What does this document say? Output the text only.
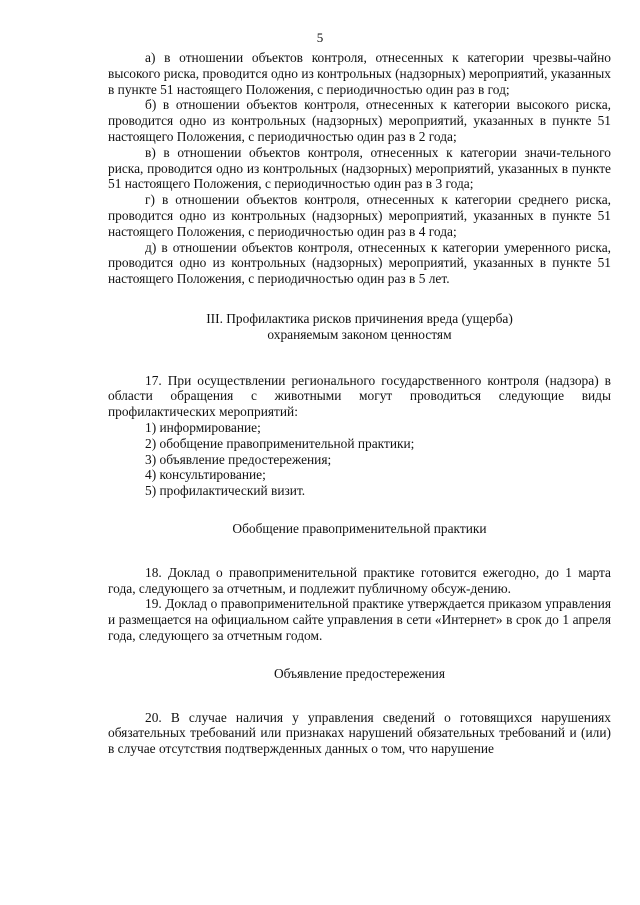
5

а) в отношении объектов контроля, отнесенных к категории чрезвы-чайно высокого риска, проводится одно из контрольных (надзорных) мероприятий, указанных в пункте 51 настоящего Положения, с периодичностью один раз в год;

б) в отношении объектов контроля, отнесенных к категории высокого риска, проводится одно из контрольных (надзорных) мероприятий, указанных в пункте 51 настоящего Положения, с периодичностью один раз в 2 года;

в) в отношении объектов контроля, отнесенных к категории значи-тельного риска, проводится одно из контрольных (надзорных) мероприятий, указанных в пункте 51 настоящего Положения, с периодичностью один раз в 3 года;

г) в отношении объектов контроля, отнесенных к категории среднего риска, проводится одно из контрольных (надзорных) мероприятий, указанных в пункте 51 настоящего Положения, с периодичностью один раз в 4 года;

д) в отношении объектов контроля, отнесенных к категории умеренного риска, проводится одно из контрольных (надзорных) мероприятий, указанных в пункте 51 настоящего Положения, с периодичностью один раз в 5 лет.

III. Профилактика рисков причинения вреда (ущерба)

охраняемым законом ценностям

17. При осуществлении регионального государственного контроля (надзора) в области обращения с животными могут проводиться следующие виды профилактических мероприятий:

1) информирование;

2) обобщение правоприменительной практики;

3) объявление предостережения;

4) консультирование;

5) профилактический визит.

Обобщение правоприменительной практики

18. Доклад о правоприменительной практике готовится ежегодно, до 1 марта года, следующего за отчетным, и подлежит публичному обсуж-дению.

19. Доклад о правоприменительной практике утверждается приказом управления и размещается на официальном сайте управления в сети «Интернет» в срок до 1 апреля года, следующего за отчетным годом.

Объявление предостережения

20. В случае наличия у управления сведений о готовящихся нарушениях обязательных требований или признаках нарушений обязательных требований и (или) в случае отсутствия подтвержденных данных о том, что нарушение
